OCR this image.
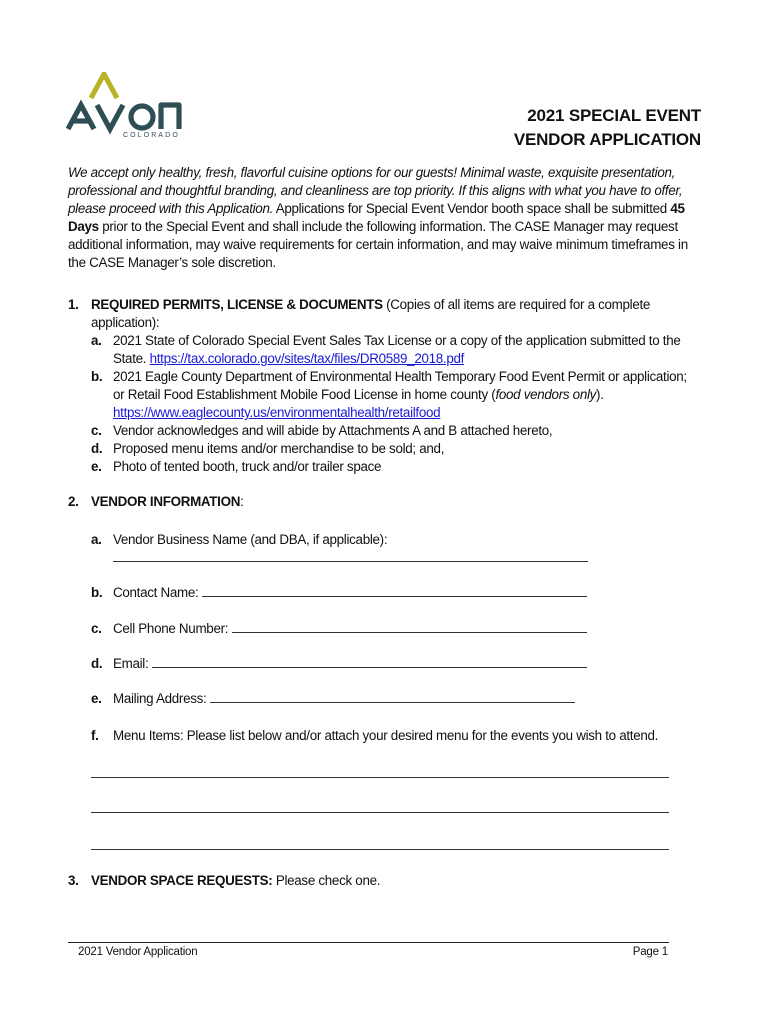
COLORADO
2021 SPECIAL EVENT
VENDOR APPLICATION
We accept only healthy, fresh, flavorful cuisine options for our guests! Minimal waste, exquisite presentation, professional and thoughtful branding, and cleanliness are top priority. If this aligns with what you have to offer, please proceed with this Application. Applications for Special Event Vendor booth space shall be submitted 45 Days prior to the Special Event and shall include the following information. The CASE Manager may request additional information, may waive requirements for certain information, and may waive minimum timeframes in the CASE Manager’s sole discretion.
1. REQUIRED PERMITS, LICENSE & DOCUMENTS (Copies of all items are required for a complete application):
a. 2021 State of Colorado Special Event Sales Tax License or a copy of the application submitted to the State. https://tax.colorado.gov/sites/tax/files/DR0589_2018.pdf
b. 2021 Eagle County Department of Environmental Health Temporary Food Event Permit or application; or Retail Food Establishment Mobile Food License in home county (food vendors only).
https://www.eaglecounty.us/environmentalhealth/retailfood
c. Vendor acknowledges and will abide by Attachments A and B attached hereto,
d. Proposed menu items and/or merchandise to be sold; and,
e. Photo of tented booth, truck and/or trailer space
2. VENDOR INFORMATION:
a. Vendor Business Name (and DBA, if applicable):
b. Contact Name:
c. Cell Phone Number:
d. Email:
e. Mailing Address:
f. Menu Items: Please list below and/or attach your desired menu for the events you wish to attend.
3. VENDOR SPACE REQUESTS: Please check one.
2021 Vendor Application	Page 1
